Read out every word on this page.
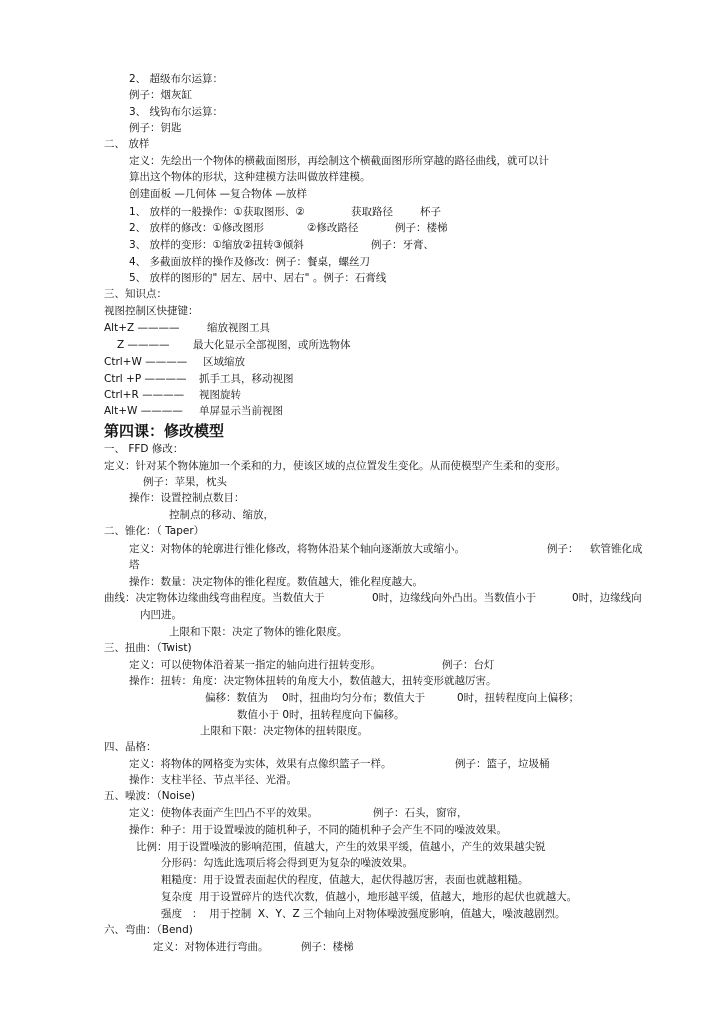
2、 超级布尔运算：
例子：烟灰缸
3、 线钩布尔运算：
例子：钥匙
二、 放样
定义：先绘出一个物体的横截面图形，再绘制这个横截面图形所穿越的路径曲线，就可以计
算出这个物体的形状，这种建模方法叫做放样建模。
创建面板 —几何体 —复合物体 —放样
1、 放样的一般操作：①获取图形、②	获取路径	杯子
2、 放样的修改：①修改图形	②修改路径	例子：楼梯
3、 放样的变形：①缩放②扭转③倾斜	例子：牙膏、
4、 多截面放样的操作及修改：例子：餐桌，螺丝刀
5、 放样的图形的" 居左、居中、居右" 。例子：石膏线
三、知识点：
视图控制区快捷键：
Alt+Z ————	缩放视图工具
Z ———— 最大化显示全部视图，或所选物体
Ctrl+W ———— 区域缩放
Ctrl +P ———— 抓手工具，移动视图
Ctrl+R ———— 视图旋转
Alt+W ———— 单屏显示当前视图
第四课：修改模型
一、 FFD 修改：
定义：针对某个物体施加一个柔和的力，使该区域的点位置发生变化。从而使模型产生柔和的变形。
例子：苹果，枕头
操作：设置控制点数目：
控制点的移动、缩放，
二、锥化：（ Taper）
定义：对物体的轮廓进行锥化修改，将物体沿某个轴向逐渐放大或缩小。	例子： 软管锥化成
塔
操作：数量：决定物体的锥化程度。数值越大，锥化程度越大。
曲线：决定物体边缘曲线弯曲程度。当数值大于	0时，边缘线向外凸出。当数值小于	0时，边缘线向
内凹进。
上限和下限：决定了物体的锥化限度。
三、扭曲：（Twist)
定义：可以使物体沿着某一指定的轴向进行扭转变形。	例子：台灯
操作：扭转：角度：决定物体扭转的角度大小，数值越大，扭转变形就越厉害。
偏移：数值为 0时，扭曲均匀分布；数值大于	0时，扭转程度向上偏移；
数值小于 0时，扭转程度向下偏移。
上限和下限：决定物体的扭转限度。
四、晶格：
定义：将物体的网格变为实体，效果有点像织篮子一样。	例子：篮子，垃圾桶
操作：支柱半径、节点半径、光滑。
五、噪波：（Noise)
定义：使物体表面产生凹凸不平的效果。	例子：石头，窗帘，
操作：种子：用于设置噪波的随机种子，不同的随机种子会产生不同的噪波效果。
比例：用于设置噪波的影响范围，值越大，产生的效果平缓，值越小，产生的效果越尖锐
分形码：勾选此选项后将会得到更为复杂的噪波效果。
粗糙度：用于设置表面起伏的程度，值越大，起伏得越厉害，表面也就越粗糙。
复杂度  用于设置碎片的迭代次数，值越小，地形越平缓，值越大，地形的起伏也就越大。
强度   ：  用于控制  X、Y、Z 三个轴向上对物体噪波强度影响，值越大，噪波越剧烈。
六、弯曲：（Bend)
定义：对物体进行弯曲。	例子：楼梯
